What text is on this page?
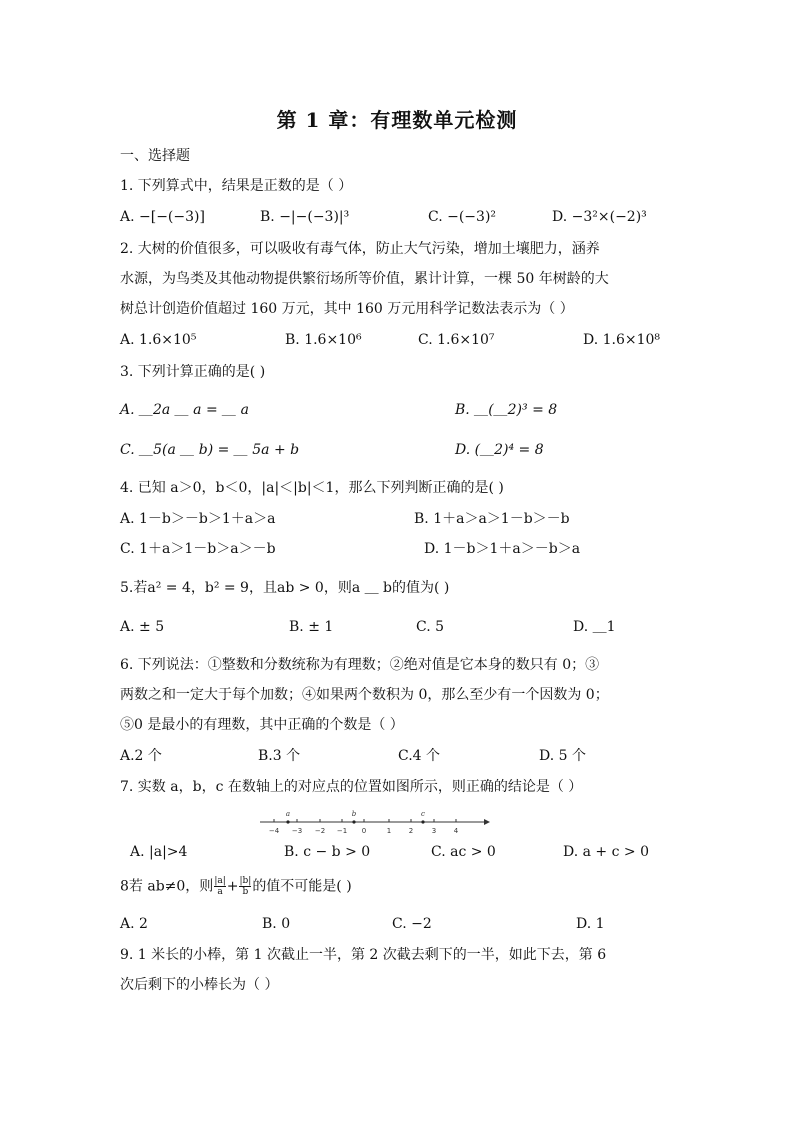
第 1 章：有理数单元检测
一、选择题
1. 下列算式中，结果是正数的是（ ）
A. −[−(−3)]	B. −|−(−3)|³	C. −(−3)²	D. −3²×(−2)³
2. 大树的价值很多，可以吸收有毒气体，防止大气污染，增加土壤肥力，涵养
水源，为鸟类及其他动物提供繁衍场所等价值，累计计算，一棵 50 年树龄的大
树总计创造价值超过 160 万元，其中 160 万元用科学记数法表示为（ ）
A. 1.6×10⁵	B. 1.6×10⁶	C. 1.6×10⁷	D. 1.6×10⁸
3. 下列计算正确的是( )
A. ＿2a ＿ a = ＿ a	B. ＿(＿2)³ = 8
C. ＿5(a ＿ b) = ＿ 5a + b	D. (＿2)⁴ = 8
4. 已知 a＞0，b＜0，|a|＜|b|＜1，那么下列判断正确的是( )
A. 1－b＞－b＞1＋a＞a	B. 1＋a＞a＞1－b＞－b
C. 1＋a＞1－b＞a＞－b	D. 1－b＞1＋a＞－b＞a
5.若a² = 4，b² = 9，且ab > 0，则a ＿ b的值为( )
A. ± 5	B. ± 1	C. 5	D. ＿1
6. 下列说法：①整数和分数统称为有理数；②绝对值是它本身的数只有 0；③
两数之和一定大于每个加数；④如果两个数积为 0，那么至少有一个因数为 0；
⑤0 是最小的有理数，其中正确的个数是（ ）
A.2 个	B.3 个	C.4 个	D. 5 个
7. 实数 a，b，c 在数轴上的对应点的位置如图所示，则正确的结论是（ ）
−4 −3 −2 −1 0	1	2	3	4
a	b	c
A. |a|>4	B. c − b > 0	C. ac > 0	D. a + c > 0
8若 ab≠0，则 $\frac{|a|}{a} + \frac{|b|}{b}$ 的值不可能是( )
A. 2	B. 0	C. −2	D. 1
9. 1 米长的小棒，第 1 次截止一半，第 2 次截去剩下的一半，如此下去，第 6
次后剩下的小棒长为（ ）
